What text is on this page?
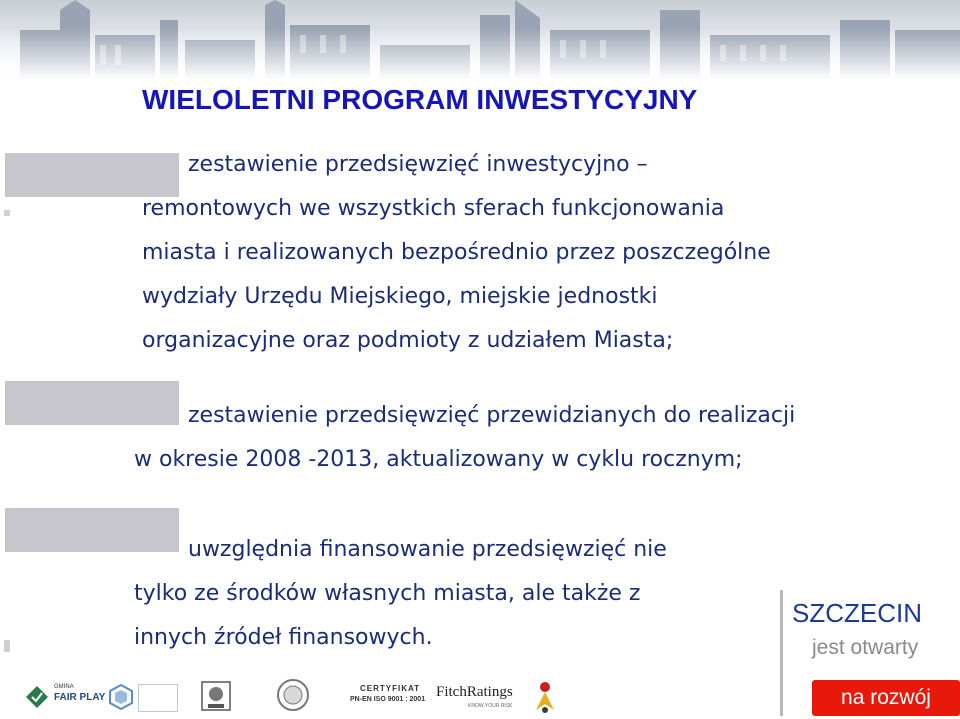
WIELOLETNI PROGRAM INWESTYCYJNY
zestawienie przedsięwzięć inwestycyjno –
remontowych we wszystkich sferach funkcjonowania
miasta i realizowanych bezpośrednio przez poszczególne
wydziały Urzędu Miejskiego, miejskie jednostki
organizacyjne oraz podmioty z udziałem Miasta;
zestawienie przedsięwzięć przewidzianych do realizacji
w okresie 2008 -2013, aktualizowany w cyklu rocznym;
uwzględnia finansowanie przedsięwzięć nie
tylko ze środków własnych miasta, ale także z
innych źródeł finansowych.
SZCZECIN
jest otwarty
na rozwój
GMINA
FAIR PLAY
CERTYFIKAT
PN-EN ISO 9001 : 2001 FitchRatings
KNOW YOUR RISK
